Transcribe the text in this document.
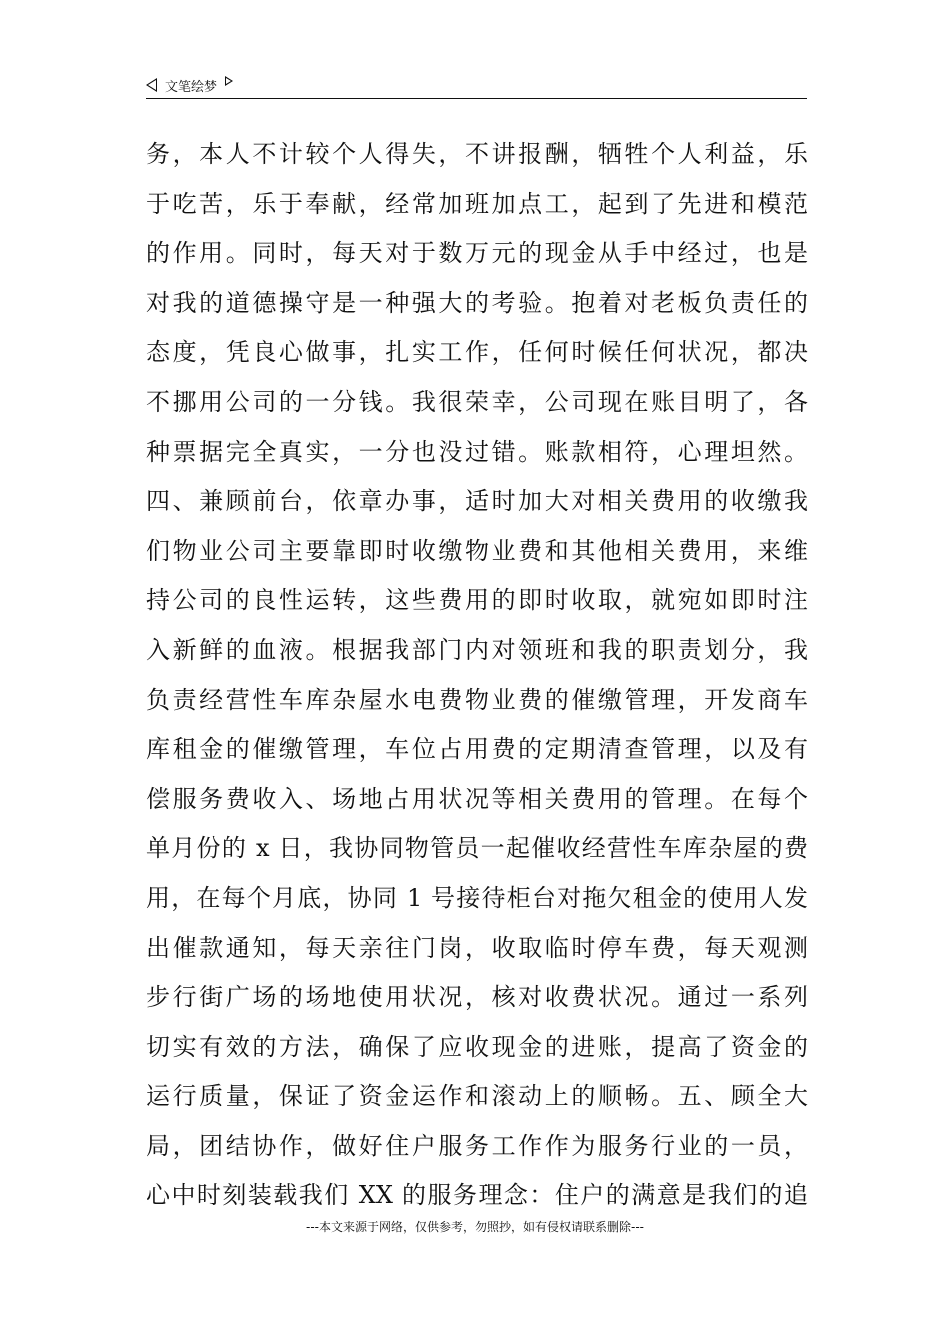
文笔绘梦
务，本人不计较个人得失，不讲报酬，牺牲个人利益，乐
于吃苦，乐于奉献，经常加班加点工，起到了先进和模范
的作用。同时，每天对于数万元的现金从手中经过，也是
对我的道德操守是一种强大的考验。抱着对老板负责任的
态度，凭良心做事，扎实工作，任何时候任何状况，都决
不挪用公司的一分钱。我很荣幸，公司现在账目明了，各
种票据完全真实，一分也没过错。账款相符，心理坦然。
四、兼顾前台，依章办事，适时加大对相关费用的收缴我
们物业公司主要靠即时收缴物业费和其他相关费用，来维
持公司的良性运转，这些费用的即时收取，就宛如即时注
入新鲜的血液。根据我部门内对领班和我的职责划分，我
负责经营性车库杂屋水电费物业费的催缴管理，开发商车
库租金的催缴管理，车位占用费的定期清查管理，以及有
偿服务费收入、场地占用状况等相关费用的管理。在每个
单月份的 x 日，我协同物管员一起催收经营性车库杂屋的费
用，在每个月底，协同 1 号接待柜台对拖欠租金的使用人发
出催款通知，每天亲往门岗，收取临时停车费，每天观测
步行街广场的场地使用状况，核对收费状况。通过一系列
切实有效的方法，确保了应收现金的进账，提高了资金的
运行质量，保证了资金运作和滚动上的顺畅。五、顾全大
局，团结协作，做好住户服务工作作为服务行业的一员，
心中时刻装载我们 XX 的服务理念：住户的满意是我们的追
---本文来源于网络，仅供参考，勿照抄，如有侵权请联系删除---
